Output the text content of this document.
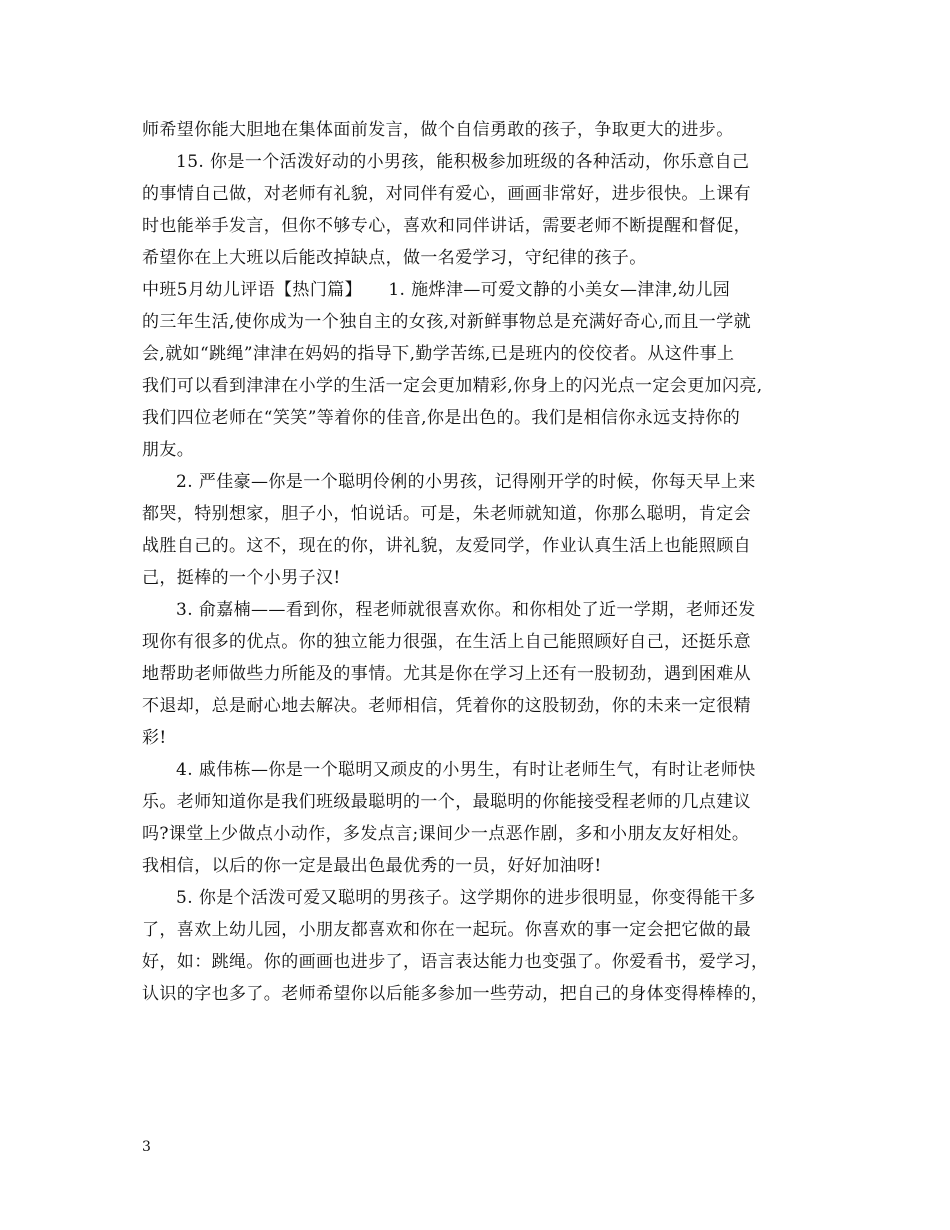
师希望你能大胆地在集体面前发言，做个自信勇敢的孩子，争取更大的进步。
15. 你是一个活泼好动的小男孩，能积极参加班级的各种活动，你乐意自己
的事情自己做，对老师有礼貌，对同伴有爱心，画画非常好，进步很快。上课有
时也能举手发言，但你不够专心，喜欢和同伴讲话，需要老师不断提醒和督促，
希望你在上大班以后能改掉缺点，做一名爱学习，守纪律的孩子。
中班5月幼儿评语【热门篇】　　1. 施烨津—可爱文静的小美女—津津,幼儿园
的三年生活,使你成为一个独自主的女孩,对新鲜事物总是充满好奇心,而且一学就
会,就如“跳绳”津津在妈妈的指导下,勤学苦练,已是班内的佼佼者。从这件事上
我们可以看到津津在小学的生活一定会更加精彩,你身上的闪光点一定会更加闪亮,
我们四位老师在“笑笑”等着你的佳音,你是出色的。我们是相信你永远支持你的
朋友。
2. 严佳豪—你是一个聪明伶俐的小男孩，记得刚开学的时候，你每天早上来
都哭，特别想家，胆子小，怕说话。可是，朱老师就知道，你那么聪明，肯定会
战胜自己的。这不，现在的你，讲礼貌，友爱同学，作业认真生活上也能照顾自
己，挺棒的一个小男子汉!
3. 俞嘉楠——看到你，程老师就很喜欢你。和你相处了近一学期，老师还发
现你有很多的优点。你的独立能力很强，在生活上自己能照顾好自己，还挺乐意
地帮助老师做些力所能及的事情。尤其是你在学习上还有一股韧劲，遇到困难从
不退却，总是耐心地去解决。老师相信，凭着你的这股韧劲，你的未来一定很精
彩!
4. 戚伟栋—你是一个聪明又顽皮的小男生，有时让老师生气，有时让老师快
乐。老师知道你是我们班级最聪明的一个，最聪明的你能接受程老师的几点建议
吗?课堂上少做点小动作，多发点言;课间少一点恶作剧，多和小朋友友好相处。
我相信，以后的你一定是最出色最优秀的一员，好好加油呀!
5. 你是个活泼可爱又聪明的男孩子。这学期你的进步很明显，你变得能干多
了，喜欢上幼儿园，小朋友都喜欢和你在一起玩。你喜欢的事一定会把它做的最
好，如：跳绳。你的画画也进步了，语言表达能力也变强了。你爱看书，爱学习，
认识的字也多了。老师希望你以后能多参加一些劳动，把自己的身体变得棒棒的，
3
